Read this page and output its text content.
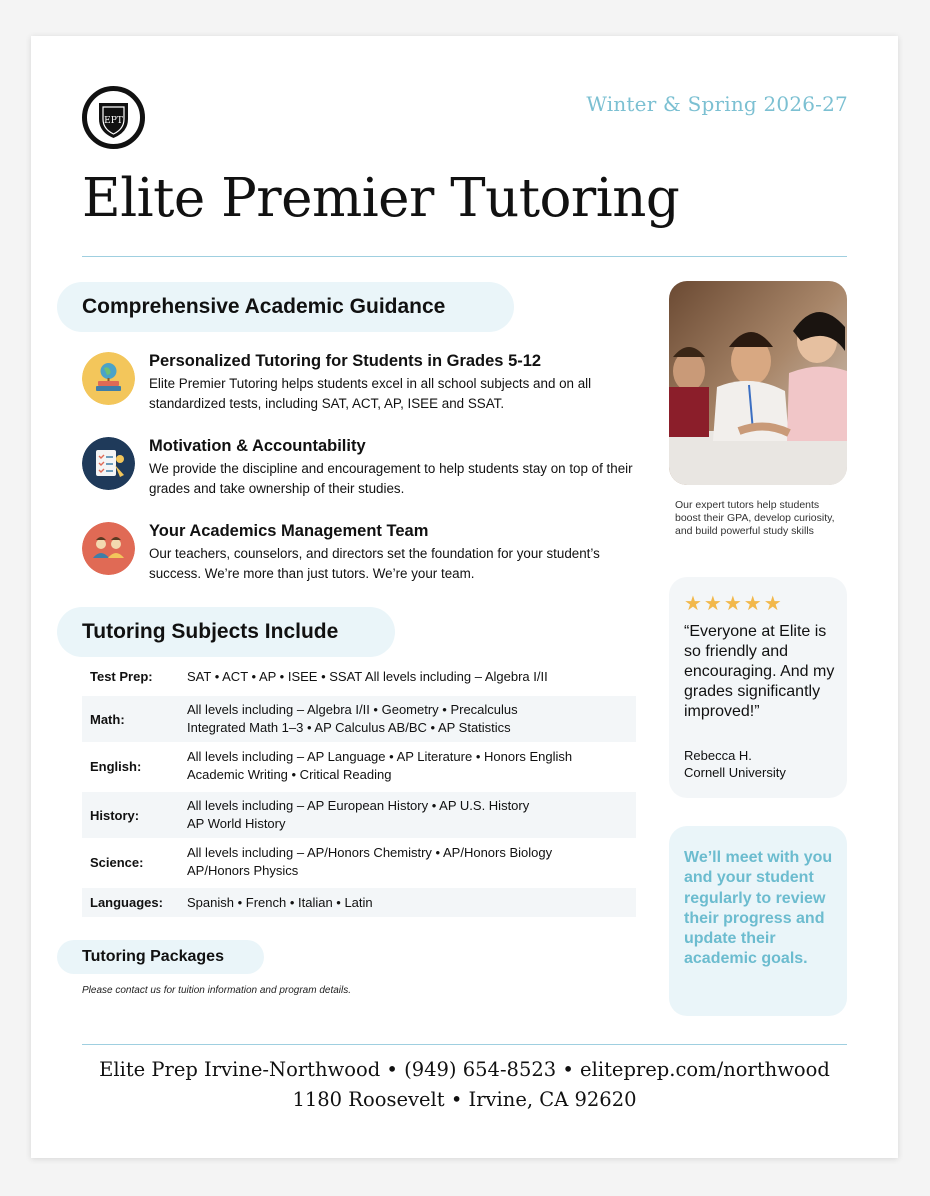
EPT
Winter & Spring 2026-27
Elite Premier Tutoring
Comprehensive Academic Guidance
Personalized Tutoring for Students in Grades 5-12
Elite Premier Tutoring helps students excel in all school subjects and on all standardized tests, including SAT, ACT, AP, ISEE and SSAT.
Motivation & Accountability
We provide the discipline and encouragement to help students stay on top of their grades and take ownership of their studies.
Your Academics Management Team
Our teachers, counselors, and directors set the foundation for your student’s success. We’re more than just tutors. We’re your team.
Tutoring Subjects Include
Test Prep:	SAT • ACT • AP • ISEE • SSAT All levels including – Algebra I/II
Math:
All levels including – Algebra I/II • Geometry • Precalculus
Integrated Math 1–3 • AP Calculus AB/BC • AP Statistics
English:
All levels including – AP Language • AP Literature • Honors English
Academic Writing • Critical Reading
History:
All levels including – AP European History • AP U.S. History
AP World History
Science:
All levels including – AP/Honors Chemistry • AP/Honors Biology
AP/Honors Physics
Languages:	Spanish • French • Italian • Latin
Tutoring Packages
Please contact us for tuition information and program details.
Our expert tutors help students boost their GPA, develop curiosity, and build powerful study skills
★★★★★
“Everyone at Elite is so friendly and encouraging. And my grades significantly improved!”
Rebecca H.
Cornell University
We’ll meet with you and your student regularly to review their progress and update their academic goals.
Elite Prep Irvine-Northwood • (949) 654-8523 • eliteprep.com/northwood
1180 Roosevelt • Irvine, CA 92620
